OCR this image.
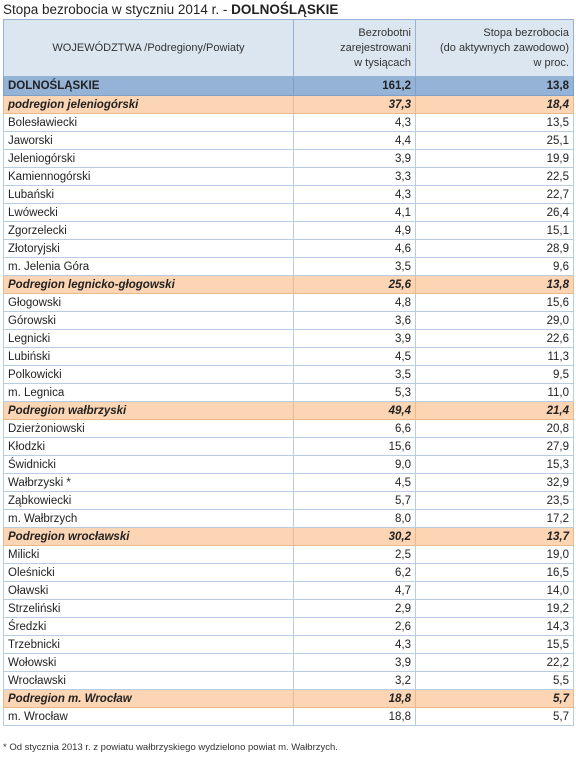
Stopa bezrobocia w styczniu 2014 r. - DOLNOŚLĄSKIE
WOJEWÓDZTWA /Podregiony/Powiaty	Bezrobotni
zarejestrowani
w tysiącach	Stopa bezrobocia
(do aktywnych zawodowo)
w proc.
DOLNOŚLĄSKIE	161,2	13,8
podregion jeleniogórski	37,3	18,4
Bolesławiecki	4,3	13,5
Jaworski	4,4	25,1
Jeleniogórski	3,9	19,9
Kamiennogórski	3,3	22,5
Lubański	4,3	22,7
Lwówecki	4,1	26,4
Zgorzelecki	4,9	15,1
Złotoryjski	4,6	28,9
m. Jelenia Góra	3,5	9,6
Podregion legnicko-głogowski	25,6	13,8
Głogowski	4,8	15,6
Górowski	3,6	29,0
Legnicki	3,9	22,6
Lubiński	4,5	11,3
Polkowicki	3,5	9,5
m. Legnica	5,3	11,0
Podregion wałbrzyski	49,4	21,4
Dzierżoniowski	6,6	20,8
Kłodzki	15,6	27,9
Świdnicki	9,0	15,3
Wałbrzyski *	4,5	32,9
Ząbkowiecki	5,7	23,5
m. Wałbrzych	8,0	17,2
Podregion wrocławski	30,2	13,7
Milicki	2,5	19,0
Oleśnicki	6,2	16,5
Oławski	4,7	14,0
Strzeliński	2,9	19,2
Średzki	2,6	14,3
Trzebnicki	4,3	15,5
Wołowski	3,9	22,2
Wrocławski	3,2	5,5
Podregion m. Wrocław	18,8	5,7
m. Wrocław	18,8	5,7
* Od stycznia 2013 r. z powiatu wałbrzyskiego wydzielono powiat m. Wałbrzych.
